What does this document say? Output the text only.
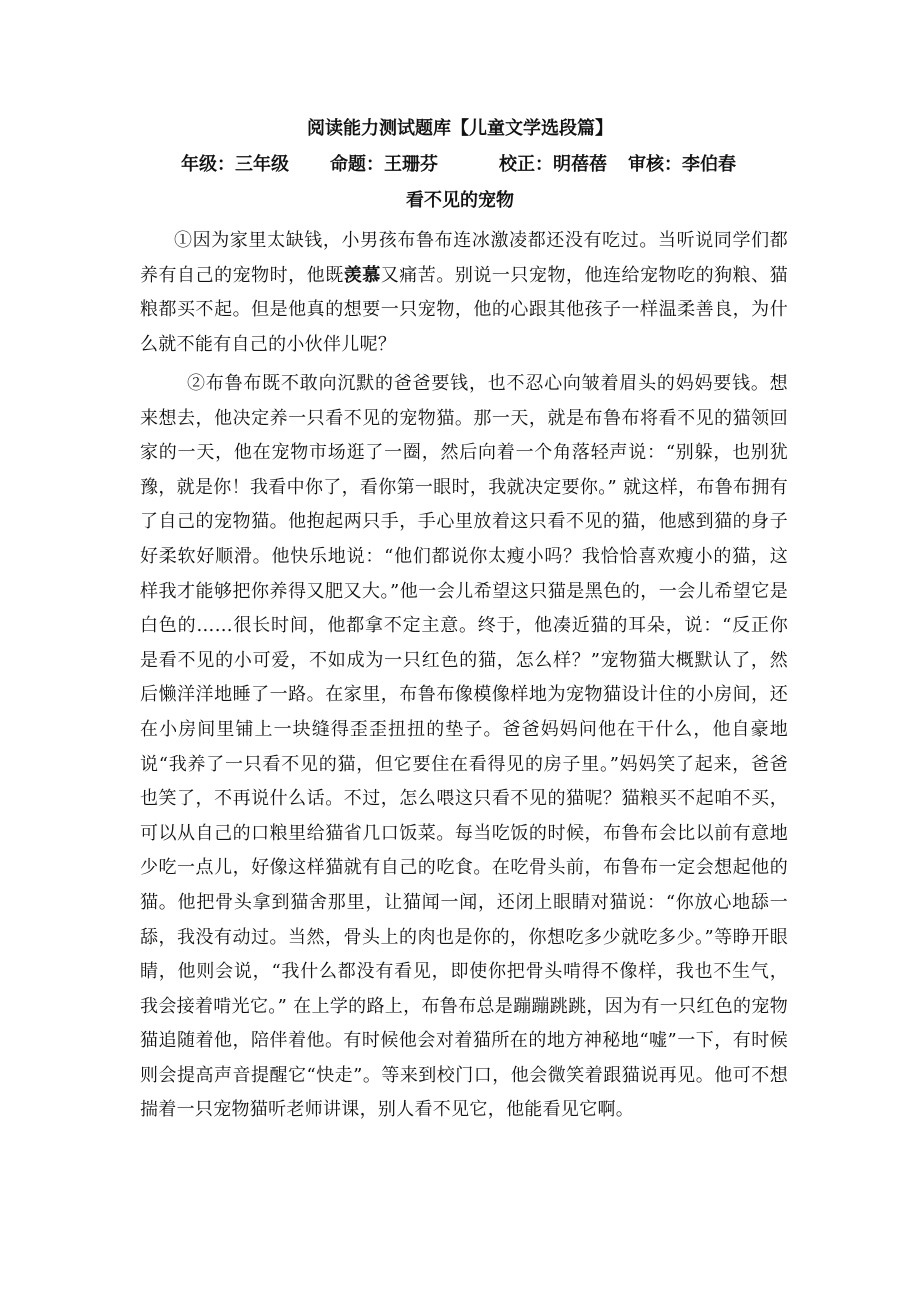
阅读能力测试题库【儿童文学选段篇】
年级：三年级 命题：王珊芬	校正：明蓓蓓 审核：李伯春
看不见的宠物
①因为家里太缺钱，小男孩布鲁布连冰激凌都还没有吃过。当听说同学们都养有自己的宠物时，他既羡慕又痛苦。别说一只宠物，他连给宠物吃的狗粮、猫粮都买不起。但是他真的想要一只宠物，他的心跟其他孩子一样温柔善良，为什么就不能有自己的小伙伴儿呢？
②布鲁布既不敢向沉默的爸爸要钱，也不忍心向皱着眉头的妈妈要钱。想来想去，他决定养一只看不见的宠物猫。那一天，就是布鲁布将看不见的猫领回家的一天，他在宠物市场逛了一圈，然后向着一个角落轻声说：“别躲，也别犹豫，就是你！我看中你了，看你第一眼时，我就决定要你。” 就这样，布鲁布拥有了自己的宠物猫。他抱起两只手，手心里放着这只看不见的猫，他感到猫的身子好柔软好顺滑。他快乐地说：“他们都说你太瘦小吗？我恰恰喜欢瘦小的猫，这样我才能够把你养得又肥又大。”他一会儿希望这只猫是黑色的，一会儿希望它是白色的……很长时间，他都拿不定主意。终于，他凑近猫的耳朵，说：“反正你是看不见的小可爱，不如成为一只红色的猫，怎么样？”宠物猫大概默认了，然后懒洋洋地睡了一路。在家里，布鲁布像模像样地为宠物猫设计住的小房间，还在小房间里铺上一块缝得歪歪扭扭的垫子。爸爸妈妈问他在干什么，他自豪地说“我养了一只看不见的猫，但它要住在看得见的房子里。”妈妈笑了起来，爸爸也笑了，不再说什么话。不过，怎么喂这只看不见的猫呢？猫粮买不起咱不买，可以从自己的口粮里给猫省几口饭菜。每当吃饭的时候，布鲁布会比以前有意地少吃一点儿，好像这样猫就有自己的吃食。在吃骨头前，布鲁布一定会想起他的猫。他把骨头拿到猫舍那里，让猫闻一闻，还闭上眼睛对猫说：“你放心地舔一舔，我没有动过。当然，骨头上的肉也是你的，你想吃多少就吃多少。”等睁开眼睛，他则会说，“我什么都没有看见，即使你把骨头啃得不像样，我也不生气，我会接着啃光它。” 在上学的路上，布鲁布总是蹦蹦跳跳，因为有一只红色的宠物猫追随着他，陪伴着他。有时候他会对着猫所在的地方神秘地“嘘”一下，有时候则会提高声音提醒它“快走”。等来到校门口，他会微笑着跟猫说再见。他可不想揣着一只宠物猫听老师讲课，别人看不见它，他能看见它啊。
